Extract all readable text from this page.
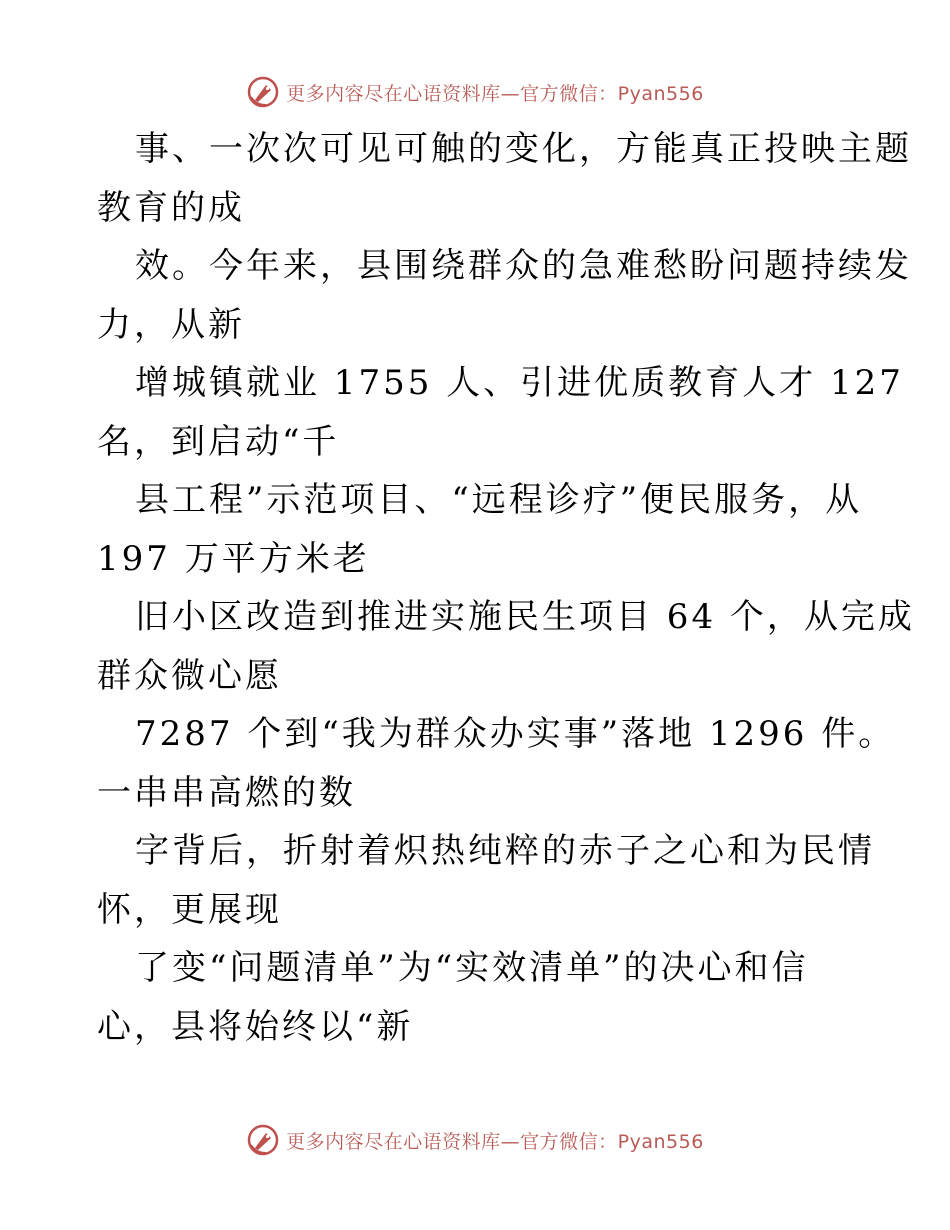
更多内容尽在心语资料库—官方微信：Pyan556
事、一次次可见可触的变化，方能真正投映主题
教育的成
效。今年来，县围绕群众的急难愁盼问题持续发
力，从新
增城镇就业 1755 人、引进优质教育人才 127
名，到启动“千
县工程”示范项目、“远程诊疗”便民服务，从
197 万平方米老
旧小区改造到推进实施民生项目 64 个，从完成
群众微心愿
7287 个到“我为群众办实事”落地 1296 件。
一串串高燃的数
字背后，折射着炽热纯粹的赤子之心和为民情
怀，更展现
了变“问题清单”为“实效清单”的决心和信
心，县将始终以“新
更多内容尽在心语资料库—官方微信：Pyan556
